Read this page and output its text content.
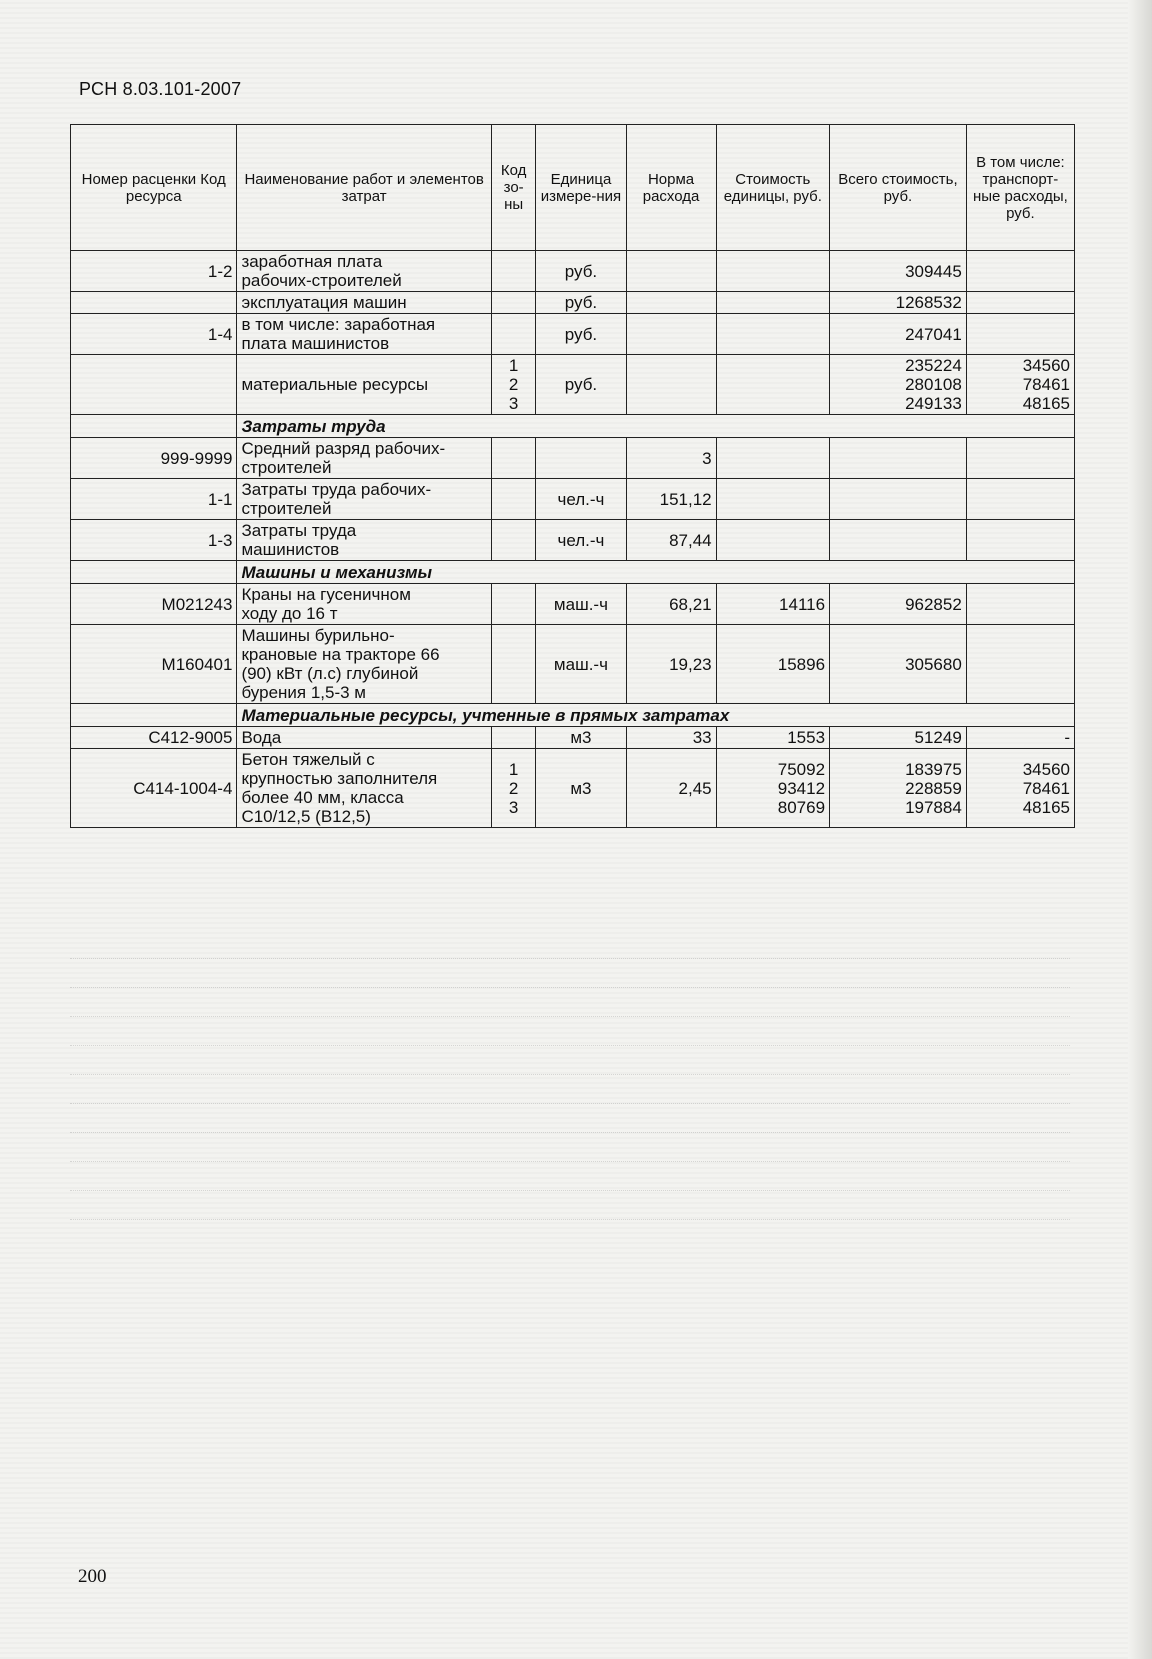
РСН 8.03.101-2007
Номер расценки Код ресурса	Наименование работ и элементов затрат	Код зо-ны	Единица измере-ния	Норма расхода	Стоимость единицы, руб.	Всего стоимость, руб.	В том числе: транспорт-ные расходы, руб.
1-2	заработная плата
рабочих-строителей		руб.			309445	

	эксплуатация машин		руб.			1268532	

1-4	в том числе: заработная
плата машинистов		руб.			247041	

	материальные ресурсы	1
2
3	руб.			235224
280108
249133	34560
78461
48165

	Затраты труда						
999-9999	Средний разряд рабочих-
строителей			3			
1-1	Затраты труда рабочих-
строителей		чел.-ч	151,12			
1-3	Затраты труда
машинистов		чел.-ч	87,44			
	Машины и механизмы						
М021243	Краны на гусеничном
ходу до 16 т		маш.-ч	68,21	14116	962852	

М160401	Машины бурильно-
крановые на тракторе 66
(90) кВт (л.с) глубиной
бурения 1,5-3 м		маш.-ч	19,23	15896	305680	

	Материальные ресурсы, учтенные в прямых затратах						
С412-9005	Вода		м3	33	1553	51249	-

С414-1004-4	Бетон тяжелый с
крупностью заполнителя
более 40 мм, класса
С10/12,5 (В12,5)	1
2
3	м3	2,45	75092
93412
80769	183975
228859
197884	34560
78461
48165
200
